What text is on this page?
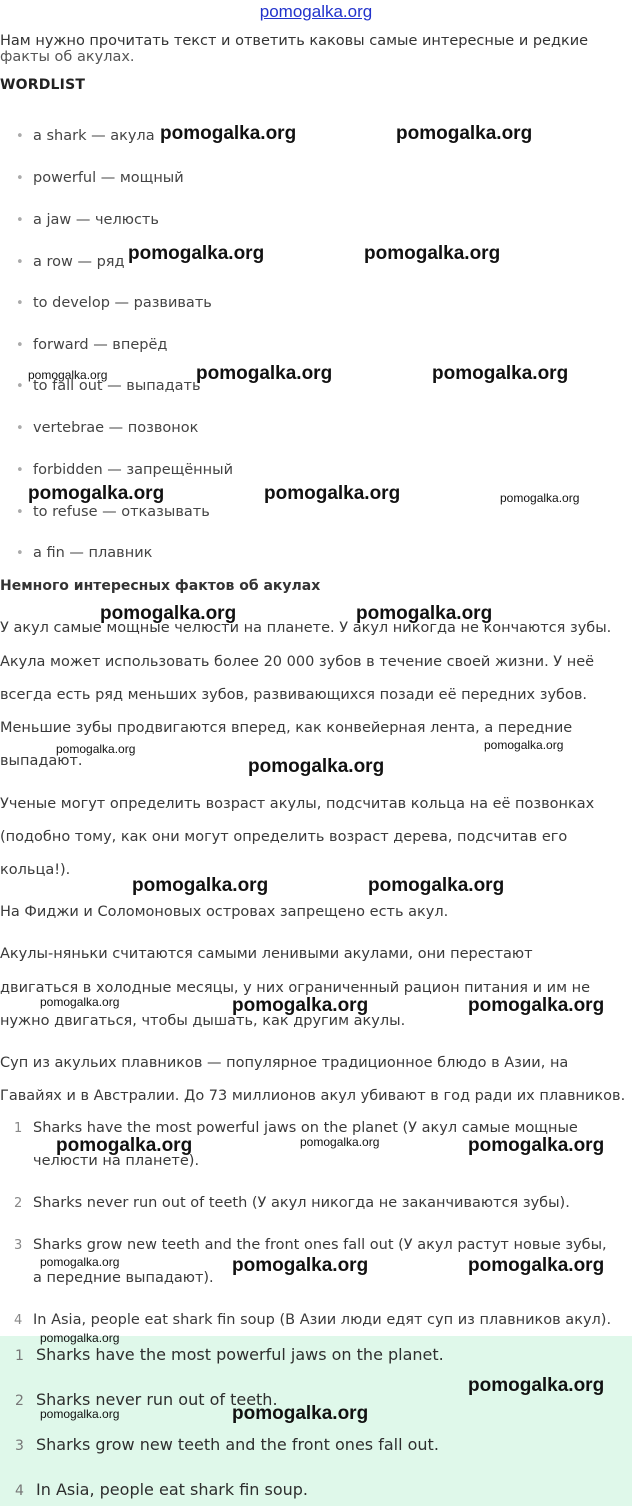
pomogalka.org
Нам нужно прочитать текст и ответить каковы самые интересные и редкие
факты об акулах.
WORDLIST
• a shark — акула
• powerful — мощный
• a jaw — челюсть
• a row — ряд
• to develop — развивать
• forward — вперёд
• to fall out — выпадать
• vertebrae — позвонок
• forbidden — запрещённый
• to refuse — отказывать
• a fin — плавник
Немного интересных фактов об акулах
У акул самые мощные челюсти на планете. У акул никогда не кончаются зубы.
Акула может использовать более 20 000 зубов в течение своей жизни. У неё
всегда есть ряд меньших зубов, развивающихся позади её передних зубов.
Меньшие зубы продвигаются вперед, как конвейерная лента, а передние
выпадают.
Ученые могут определить возраст акулы, подсчитав кольца на её позвонках
(подобно тому, как они могут определить возраст дерева, подсчитав его
кольца!).
На Фиджи и Соломоновых островах запрещено есть акул.
Акулы-няньки считаются самыми ленивыми акулами, они перестают
двигаться в холодные месяцы, у них ограниченный рацион питания и им не
нужно двигаться, чтобы дышать, как другим акулы.
Суп из акульих плавников — популярное традиционное блюдо в Азии, на
Гавайях и в Австралии. До 73 миллионов акул убивают в год ради их плавников.
1 Sharks have the most powerful jaws on the planet (У акул самые мощные
челюсти на планете).
2 Sharks never run out of teeth (У акул никогда не заканчиваются зубы).
3 Sharks grow new teeth and the front ones fall out (У акул растут новые зубы,
а передние выпадают).
4 In Asia, people eat shark fin soup (В Азии люди едят суп из плавников акул).
1 Sharks have the most powerful jaws on the planet.
2 Sharks never run out of teeth.
3 Sharks grow new teeth and the front ones fall out.
4 In Asia, people eat shark fin soup.
pomogalka.org	pomogalka.org
pomogalka.org	pomogalka.org
pomogalka.org	pomogalka.org	pomogalka.org
pomogalka.org	pomogalka.org	pomogalka.org
pomogalka.org	pomogalka.org
pomogalka.org	pomogalka.org
pomogalka.org
pomogalka.org	pomogalka.org
pomogalka.org	pomogalka.org	pomogalka.org
pomogalka.org	pomogalka.org	pomogalka.org
pomogalka.org	pomogalka.org	pomogalka.org
pomogalka.org
pomogalka.org
pomogalka.org	pomogalka.org
